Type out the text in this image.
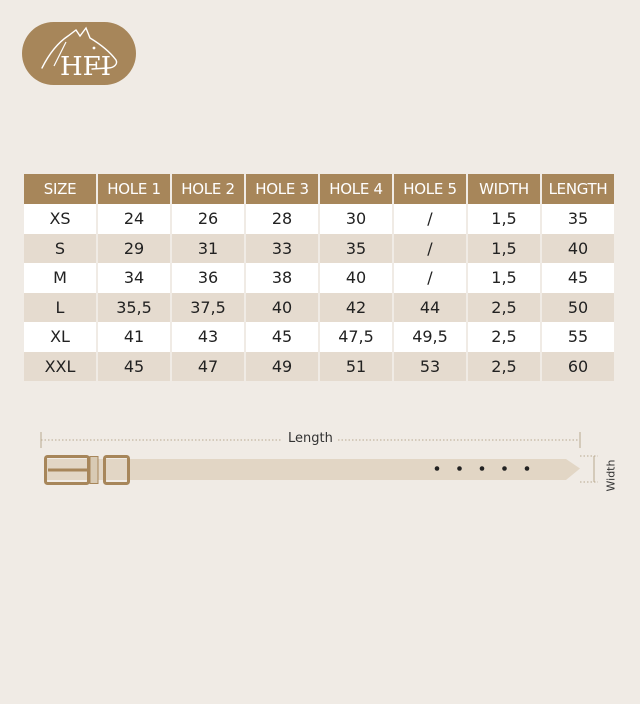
HFI
SIZE	HOLE 1	HOLE 2	HOLE 3	HOLE 4	HOLE 5	WIDTH	LENGTH
XS	24	26	28	30	/	1,5	35
S	29	31	33	35	/	1,5	40
M	34	36	38	40	/	1,5	45
L	35,5	37,5	40	42	44	2,5	50
XL	41	43	45	47,5	49,5	2,5	55
XXL	45	47	49	51	53	2,5	60
Length
Width
